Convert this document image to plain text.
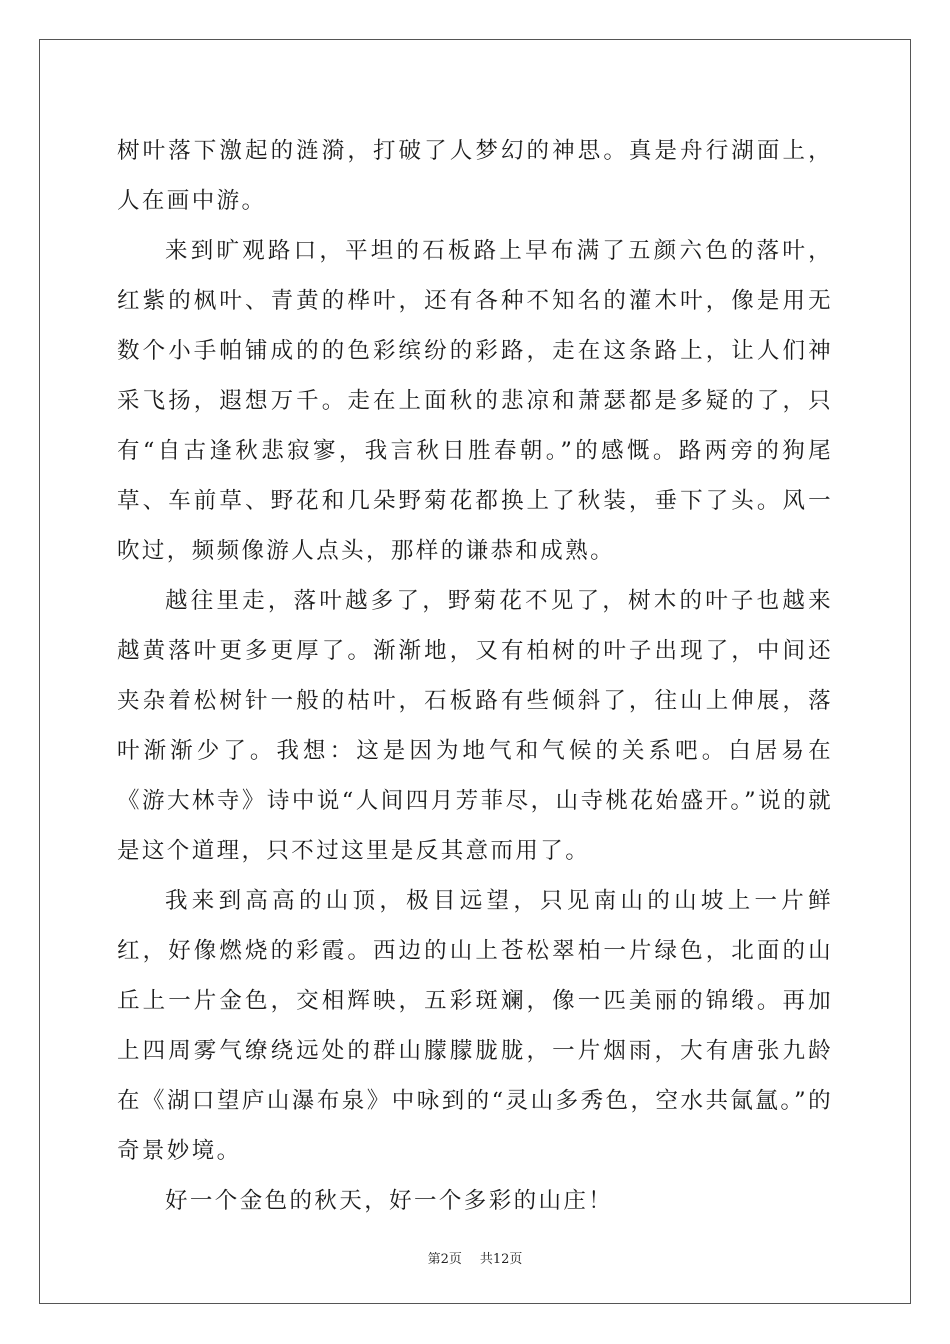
树叶落下激起的涟漪，打破了人梦幻的神思。真是舟行湖面上，人在画中游。

来到旷观路口，平坦的石板路上早布满了五颜六色的落叶，红紫的枫叶、青黄的桦叶，还有各种不知名的灌木叶，像是用无数个小手帕铺成的的色彩缤纷的彩路，走在这条路上，让人们神采飞扬，遐想万千。走在上面秋的悲凉和萧瑟都是多疑的了，只有“自古逢秋悲寂寥，我言秋日胜春朝。”的感慨。路两旁的狗尾草、车前草、野花和几朵野菊花都换上了秋装，垂下了头。风一吹过，频频像游人点头，那样的谦恭和成熟。

越往里走，落叶越多了，野菊花不见了，树木的叶子也越来越黄落叶更多更厚了。渐渐地，又有柏树的叶子出现了，中间还夹杂着松树针一般的枯叶，石板路有些倾斜了，往山上伸展，落叶渐渐少了。我想：这是因为地气和气候的关系吧。白居易在《游大林寺》诗中说“人间四月芳菲尽，山寺桃花始盛开。”说的就是这个道理，只不过这里是反其意而用了。

我来到高高的山顶，极目远望，只见南山的山坡上一片鲜红，好像燃烧的彩霞。西边的山上苍松翠柏一片绿色，北面的山丘上一片金色，交相辉映，五彩斑斓，像一匹美丽的锦缎。再加上四周雾气缭绕远处的群山朦朦胧胧，一片烟雨，大有唐张九龄在《湖口望庐山瀑布泉》中咏到的“灵山多秀色，空水共氤氲。”的奇景妙境。

好一个金色的秋天，好一个多彩的山庄！

第2页 共12页
